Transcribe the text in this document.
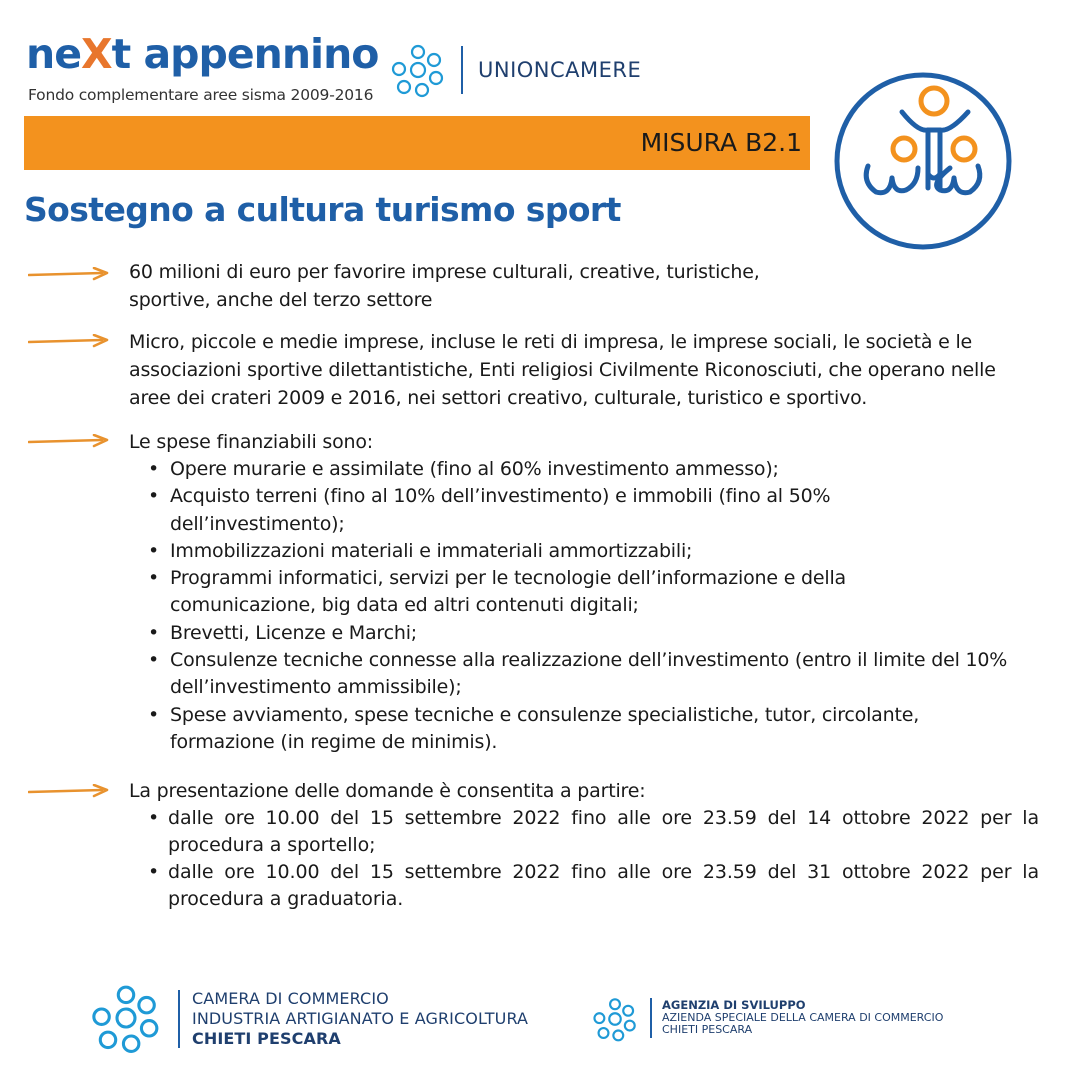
neXt appennino
Fondo complementare aree sisma 2009-2016
UNIONCAMERE
MISURA B2.1
Sostegno a cultura turismo sport
60 milioni di euro per favorire imprese culturali, creative, turistiche, sportive, anche del terzo settore
Micro, piccole e medie imprese, incluse le reti di impresa, le imprese sociali, le società e le associazioni sportive dilettantistiche, Enti religiosi Civilmente Riconosciuti, che operano nelle aree dei crateri 2009 e 2016, nei settori creativo, culturale, turistico e sportivo.
Le spese finanziabili sono:
• Opere murarie e assimilate (fino al 60% investimento ammesso);
• Acquisto terreni (fino al 10% dell’investimento) e immobili (fino al 50% dell’investimento);
• Immobilizzazioni materiali e immateriali ammortizzabili;
• Programmi informatici, servizi per le tecnologie dell’informazione e della comunicazione, big data ed altri contenuti digitali;
• Brevetti, Licenze e Marchi;
• Consulenze tecniche connesse alla realizzazione dell’investimento (entro il limite del 10% dell’investimento ammissibile);
• Spese avviamento, spese tecniche e consulenze specialistiche, tutor, circolante, formazione (in regime de minimis).
La presentazione delle domande è consentita a partire:
• dalle ore 10.00 del 15 settembre 2022 fino alle ore 23.59 del 14 ottobre 2022 per la procedura a sportello;
• dalle ore 10.00 del 15 settembre 2022 fino alle ore 23.59 del 31 ottobre 2022 per la procedura a graduatoria.
CAMERA DI COMMERCIO
INDUSTRIA ARTIGIANATO E AGRICOLTURA
CHIETI PESCARA
AGENZIA DI SVILUPPO
AZIENDA SPECIALE DELLA CAMERA DI COMMERCIO
CHIETI PESCARA
